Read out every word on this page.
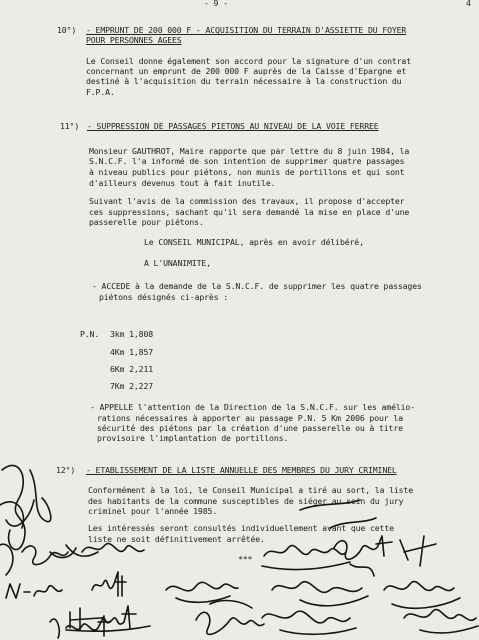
- 9 -	4
10°) - EMPRUNT DE 200 000 F - ACQUISITION DU TERRAIN D'ASSIETTE DU FOYER
POUR PERSONNES AGEES
Le Conseil donne également son accord pour la signature d'un contrat
concernant un emprunt de 200 000 F auprès de la Caisse d'Epargne et
destiné à l'acquisition du terrain nécessaire à la construction du
F.P.A.
11°) - SUPPRESSION DE PASSAGES PIETONS AU NIVEAU DE LA VOIE FERREE
Monsieur GAUTHROT, Maire rapporte que par lettre du 8 juin 1984, la
S.N.C.F. l'a informé de son intention de supprimer quatre passages
à niveau publics pour piétons, non munis de portillons et qui sont
d'ailleurs devenus tout à fait inutile.
Suivant l'avis de la commission des travaux, il propose d'accepter
ces suppressions, sachant qu'il sera demandé la mise en place d'une
passerelle pour piétons.
Le CONSEIL MUNICIPAL, après en avoir délibéré,
A L'UNANIMITE,
- ACCEDE à la demande de la S.N.C.F. de supprimer les quatre passages
piétons désignés ci-après :
P.N. 3km 1,808
4Km 1,857
6Km 2,211
7Km 2,227
- APPELLE l'attention de la Direction de la S.N.C.F. sur les amélio-
rations nécessaires à apporter au passage P.N. 5 Km 2006 pour la
sécurité des piétons par la création d'une passerelle ou à titre
provisoire l'implantation de portillons.
12°) - ETABLISSEMENT DE LA LISTE ANNUELLE DES MEMBRES DU JURY CRIMINEL
Conformément à la loi, le Conseil Municipal a tiré au sort, la liste
des habitants de la commune susceptibles de siéger au sein du jury
criminel pour l'année 1985.
Les intéressés seront consultés individuellement avant que cette
liste ne soit définitivement arrêtée.
***
